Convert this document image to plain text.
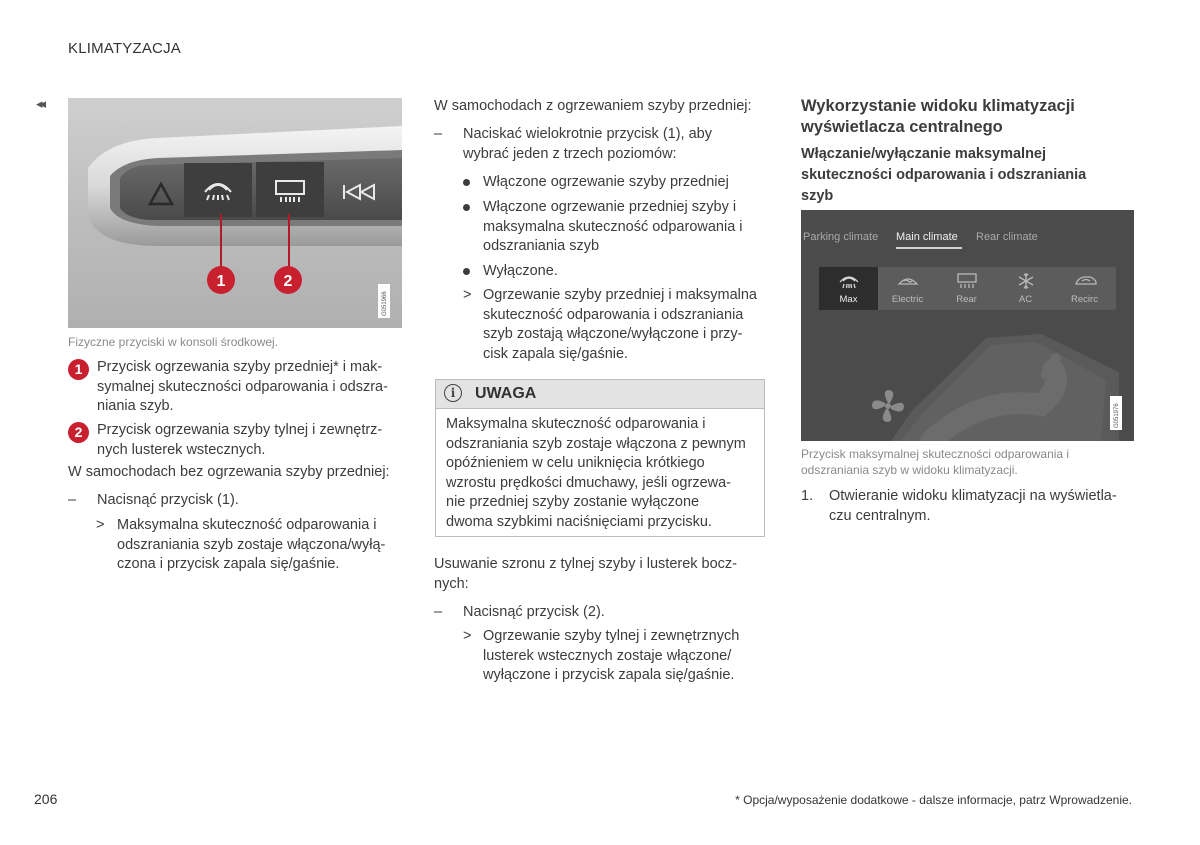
KLIMATYZACJA
◂◂
1	2
G051966
Fizyczne przyciski w konsoli środkowej.
1	Przycisk ogrzewania szyby przedniej* i mak-
symalnej skuteczności odparowania i odszra-
niania szyb.
2	Przycisk ogrzewania szyby tylnej i zewnętrz-
nych lusterek wstecznych.
W samochodach bez ogrzewania szyby przedniej:
–	Nacisnąć przycisk (1).
> Maksymalna skuteczność odparowania i
odszraniania szyb zostaje włączona/wyłą-
czona i przycisk zapala się/gaśnie.
W samochodach z ogrzewaniem szyby przedniej:
– Naciskać wielokrotnie przycisk (1), aby
wybrać jeden z trzech poziomów:
Włączone ogrzewanie szyby przedniej
Włączone ogrzewanie przedniej szyby i
maksymalna skuteczność odparowania i
odszraniania szyb
Wyłączone.
> Ogrzewanie szyby przedniej i maksymalna
skuteczność odparowania i odszraniania
szyb zostają włączone/wyłączone i przy-
cisk zapala się/gaśnie.
i	UWAGA
Maksymalna skuteczność odparowania i
odszraniania szyb zostaje włączona z pewnym
opóźnieniem w celu uniknięcia krótkiego
wzrostu prędkości dmuchawy, jeśli ogrzewa-
nie przedniej szyby zostanie wyłączone
dwoma szybkimi naciśnięciami przycisku.
Usuwanie szronu z tylnej szyby i lusterek bocz-
nych:
–	Nacisnąć przycisk (2).
> Ogrzewanie szyby tylnej i zewnętrznych
lusterek wstecznych zostaje włączone/
wyłączone i przycisk zapala się/gaśnie.
Wykorzystanie widoku klimatyzacji
wyświetlacza centralnego
Włączanie/wyłączanie maksymalnej
skuteczności odparowania i odszraniania
szyb
Parking climate Main climate Rear climate
Max	Electric	Rear	AC	Recirc
G051976
Przycisk maksymalnej skuteczności odparowania i
odszraniania szyb w widoku klimatyzacji.
1. Otwieranie widoku klimatyzacji na wyświetla-
czu centralnym.
206	* Opcja/wyposażenie dodatkowe - dalsze informacje, patrz Wprowadzenie.
